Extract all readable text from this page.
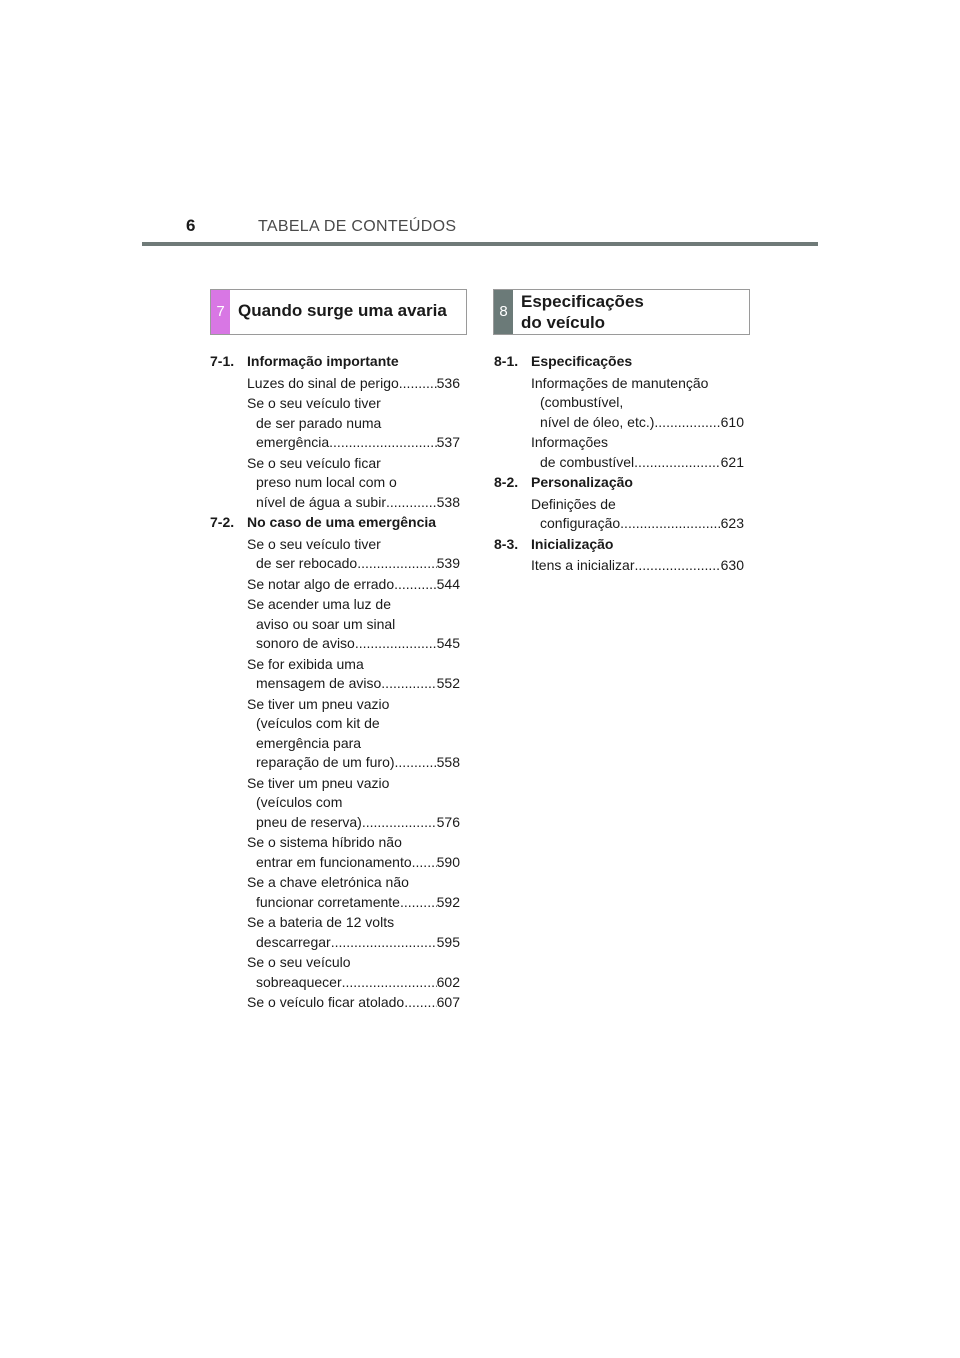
6	TABELA DE CONTEÚDOS
7 Quando surge uma avaria	8
Especificações
do veículo
7-1. Informação importante
Luzes do sinal de perigo .....	536
Se o seu veículo tiver
de ser parado numa
emergência .....	537
Se o seu veículo ficar
preso num local com o
nível de água a subir .....	538
7-2. No caso de uma emergência
Se o seu veículo tiver
de ser rebocado .....	539
Se notar algo de errado .....	544
Se acender uma luz de
aviso ou soar um sinal
sonoro de aviso .....	545
Se for exibida uma
mensagem de aviso .....	552
Se tiver um pneu vazio
(veículos com kit de
emergência para
reparação de um furo) .....	558
Se tiver um pneu vazio
(veículos com
pneu de reserva) .....	576
Se o sistema híbrido não
entrar em funcionamento ..... 590
Se a chave eletrónica não
funcionar corretamente .....	592
Se a bateria de 12 volts
descarregar .....	595
Se o seu veículo
sobreaquecer .....	602
Se o veículo ficar atolado ..... 607
8-1. Especificações
Informações de manutenção
(combustível,
nível de óleo, etc.) .....	610
Informações
de combustível .....	621
8-2. Personalização
Definições de
configuração .....	623
8-3. Inicialização
Itens a inicializar .....	630
